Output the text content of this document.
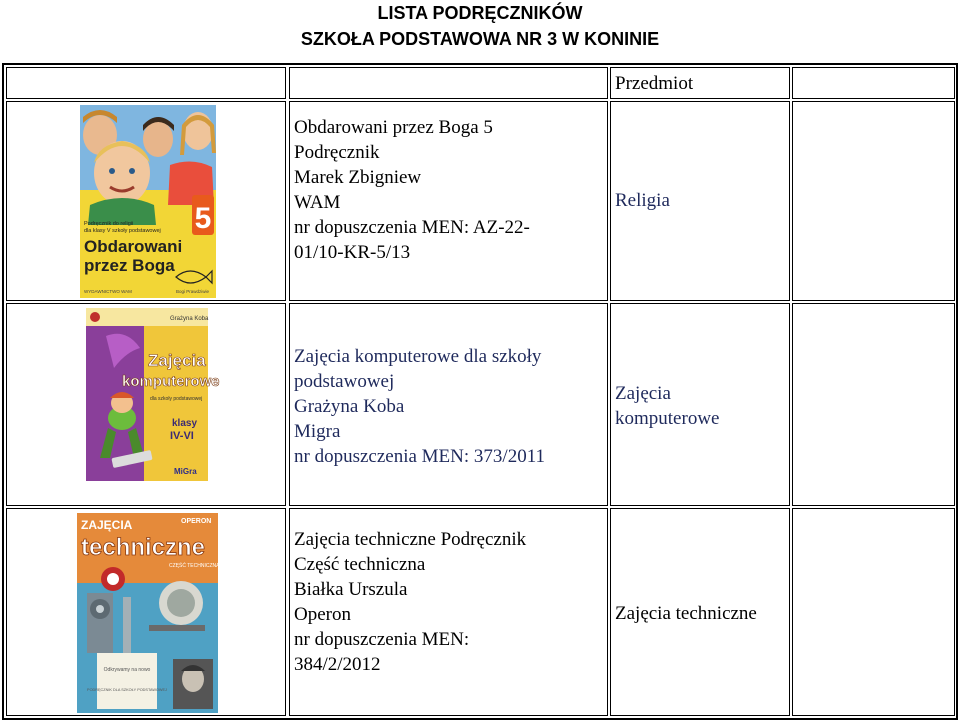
LISTA PODRĘCZNIKÓW
SZKOŁA PODSTAWOWA NR 3 W KONINIE
Przedmiot
5
Podręcznik do religii
dla klasy V szkoły podstawowej
Obdarowani
przez Boga
WYDAWNICTWO WAM	Bogi Prawdziwie
Obdarowani przez Boga 5
Podręcznik
Marek Zbigniew
WAM
nr dopuszczenia MEN: AZ-22-
01/10-KR-5/13
Religia
Grażyna Koba
Zajęcia
komputerowe
dla szkoły podstawowej
klasy
IV-VI
MiGra
Zajęcia komputerowe dla szkoły
podstawowej
Grażyna Koba
Migra
nr dopuszczenia MEN: 373/2011
Zajęcia
komputerowe
ZAJĘCIA
techniczne
CZĘŚĆ TECHNICZNA
OPERON
Odkrywamy na nowo
PODRĘCZNIK DLA SZKOŁY PODSTAWOWEJ
Zajęcia techniczne Podręcznik
Część techniczna
Białka Urszula
Operon
nr dopuszczenia MEN:
384/2/2012
Zajęcia techniczne
